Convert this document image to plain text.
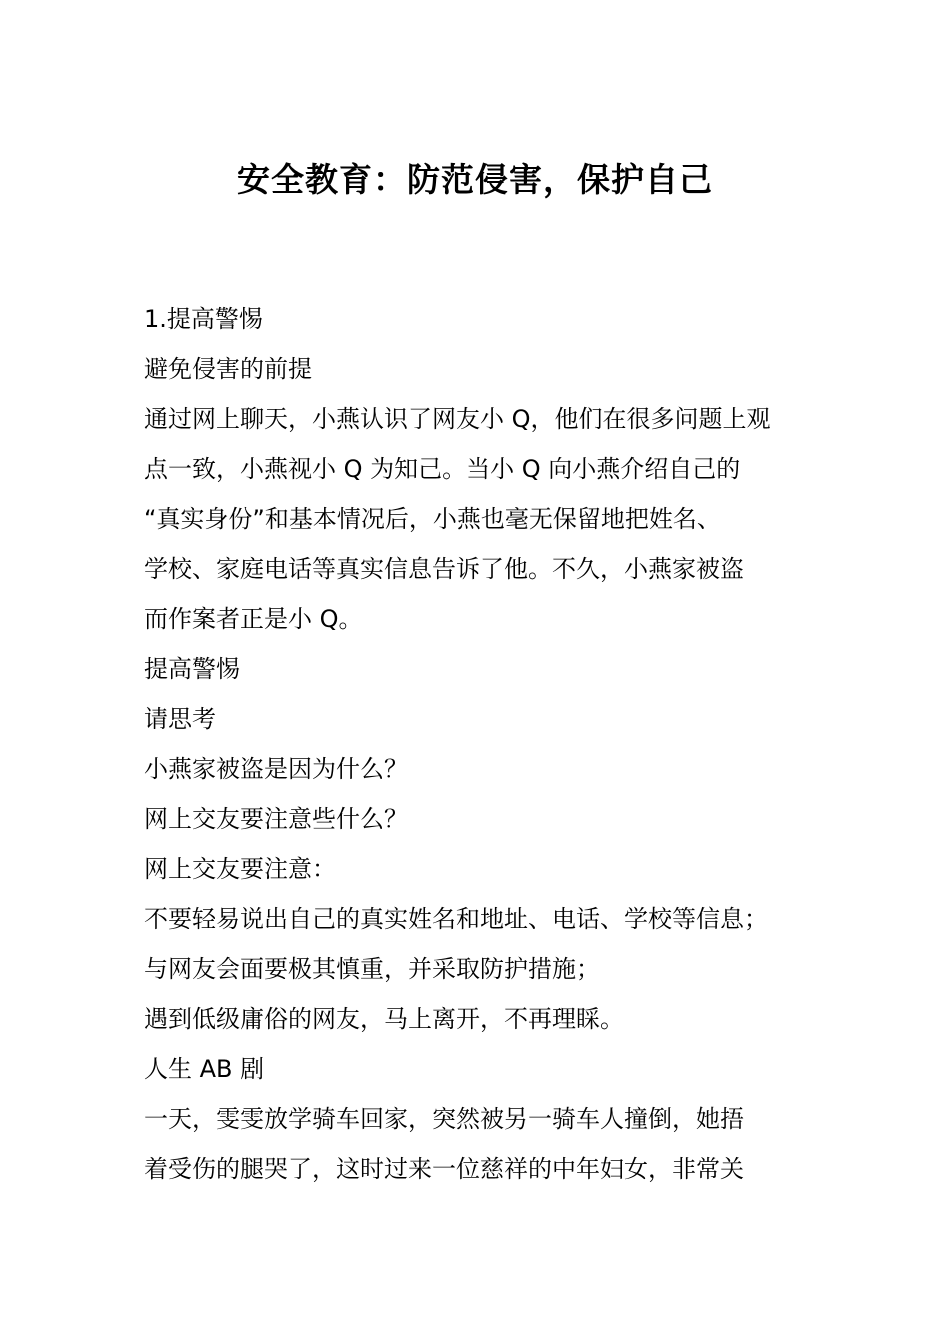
安全教育：防范侵害，保护自己
1.提高警惕
避免侵害的前提
通过网上聊天，小燕认识了网友小 Q，他们在很多问题上观
点一致，小燕视小 Q 为知己。当小 Q 向小燕介绍自己的
“真实身份”和基本情况后，小燕也毫无保留地把姓名、
学校、家庭电话等真实信息告诉了他。不久，小燕家被盗
而作案者正是小 Q。
提高警惕
请思考
小燕家被盗是因为什么？
网上交友要注意些什么？
网上交友要注意：
不要轻易说出自己的真实姓名和地址、电话、学校等信息；
与网友会面要极其慎重，并采取防护措施；
遇到低级庸俗的网友，马上离开，不再理睬。
人生 AB 剧
一天，雯雯放学骑车回家，突然被另一骑车人撞倒，她捂
着受伤的腿哭了，这时过来一位慈祥的中年妇女，非常关
